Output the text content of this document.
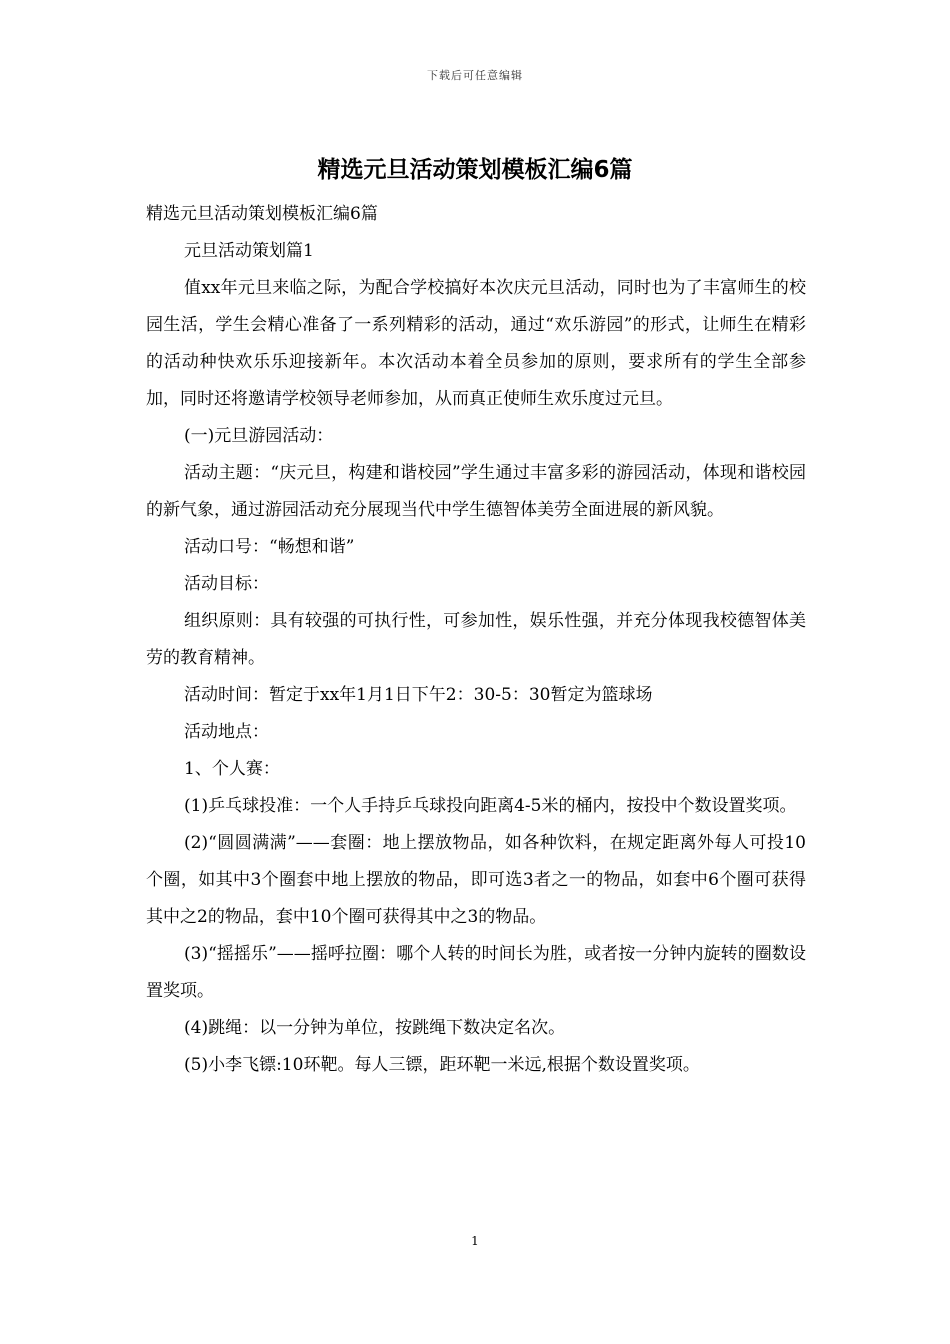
下载后可任意编辑
精选元旦活动策划模板汇编6篇

精选元旦活动策划模板汇编6篇

元旦活动策划篇1

值xx年元旦来临之际，为配合学校搞好本次庆元旦活动，同时也为了丰富师生的校园生活，学生会精心准备了一系列精彩的活动，通过“欢乐游园”的形式，让师生在精彩的活动种快欢乐乐迎接新年。本次活动本着全员参加的原则，要求所有的学生全部参加，同时还将邀请学校领导老师参加，从而真正使师生欢乐度过元旦。

(一)元旦游园活动：

活动主题：“庆元旦，构建和谐校园”学生通过丰富多彩的游园活动，体现和谐校园的新气象，通过游园活动充分展现当代中学生德智体美劳全面进展的新风貌。

活动口号：“畅想和谐”

活动目标：

组织原则：具有较强的可执行性，可参加性，娱乐性强，并充分体现我校德智体美劳的教育精神。

活动时间：暂定于xx年1月1日下午2：30-5：30暂定为篮球场

活动地点：

1、个人赛：

(1)乒乓球投准：一个人手持乒乓球投向距离4-5米的桶内，按投中个数设置奖项。

(2)“圆圆满满”——套圈：地上摆放物品，如各种饮料，在规定距离外每人可投10个圈，如其中3个圈套中地上摆放的物品，即可选3者之一的物品，如套中6个圈可获得其中之2的物品，套中10个圈可获得其中之3的物品。

(3)“摇摇乐”——摇呼拉圈：哪个人转的时间长为胜，或者按一分钟内旋转的圈数设置奖项。

(4)跳绳：以一分钟为单位，按跳绳下数决定名次。

(5)小李飞镖:10环靶。每人三镖，距环靶一米远,根据个数设置奖项。

1
